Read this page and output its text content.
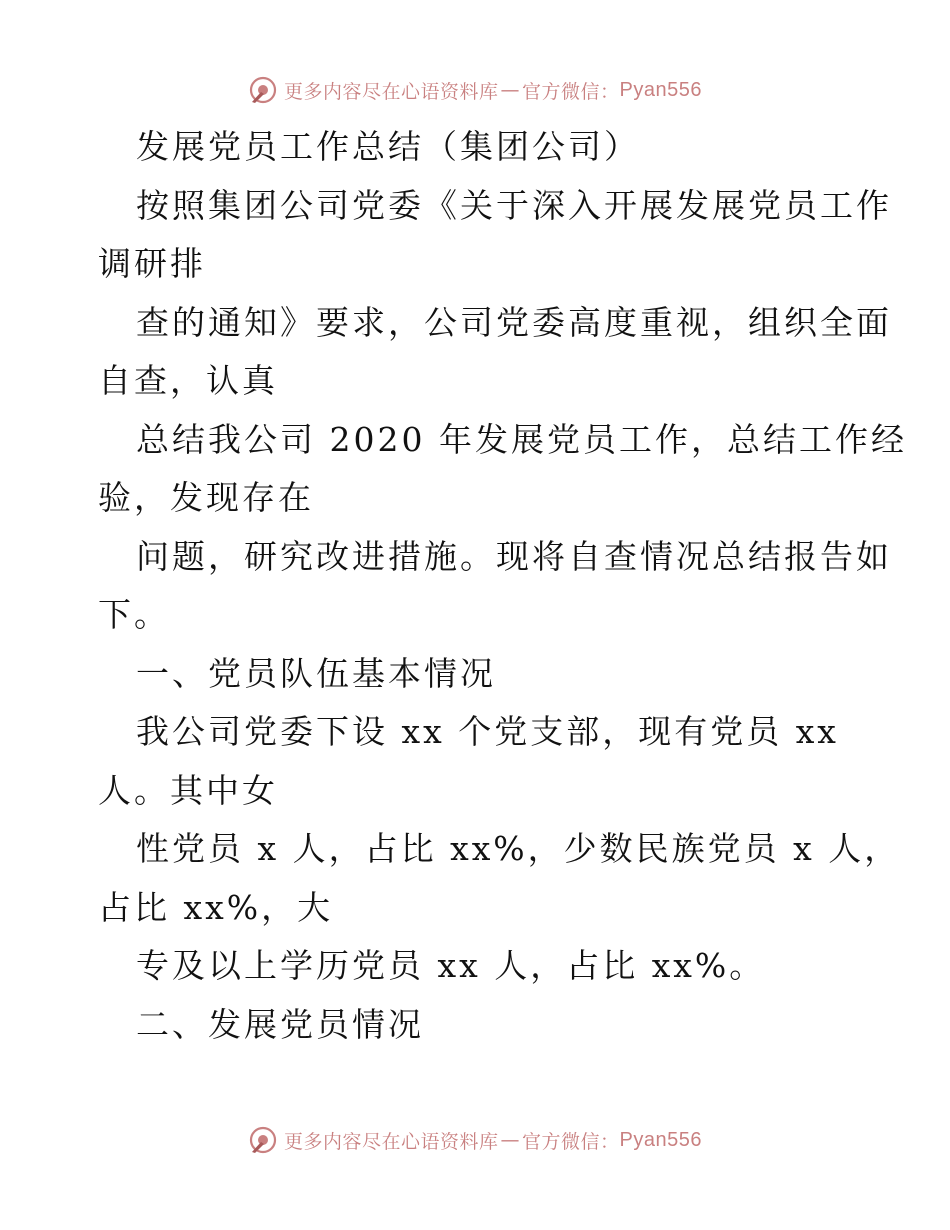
更多内容尽在心语资料库 — 官方微信： Pyan556
发展党员工作总结（集团公司）
按照集团公司党委《关于深入开展发展党员工作
调研排
查的通知》要求，公司党委高度重视，组织全面
自查，认真
总结我公司 2020 年发展党员工作，总结工作经
验，发现存在
问题，研究改进措施。现将自查情况总结报告如
下。
一、党员队伍基本情况
我公司党委下设 xx 个党支部，现有党员 xx
人。其中女
性党员 x 人，占比 xx%，少数民族党员 x 人，
占比 xx%，大
专及以上学历党员 xx 人，占比 xx%。
二、发展党员情况
更多内容尽在心语资料库 — 官方微信： Pyan556
